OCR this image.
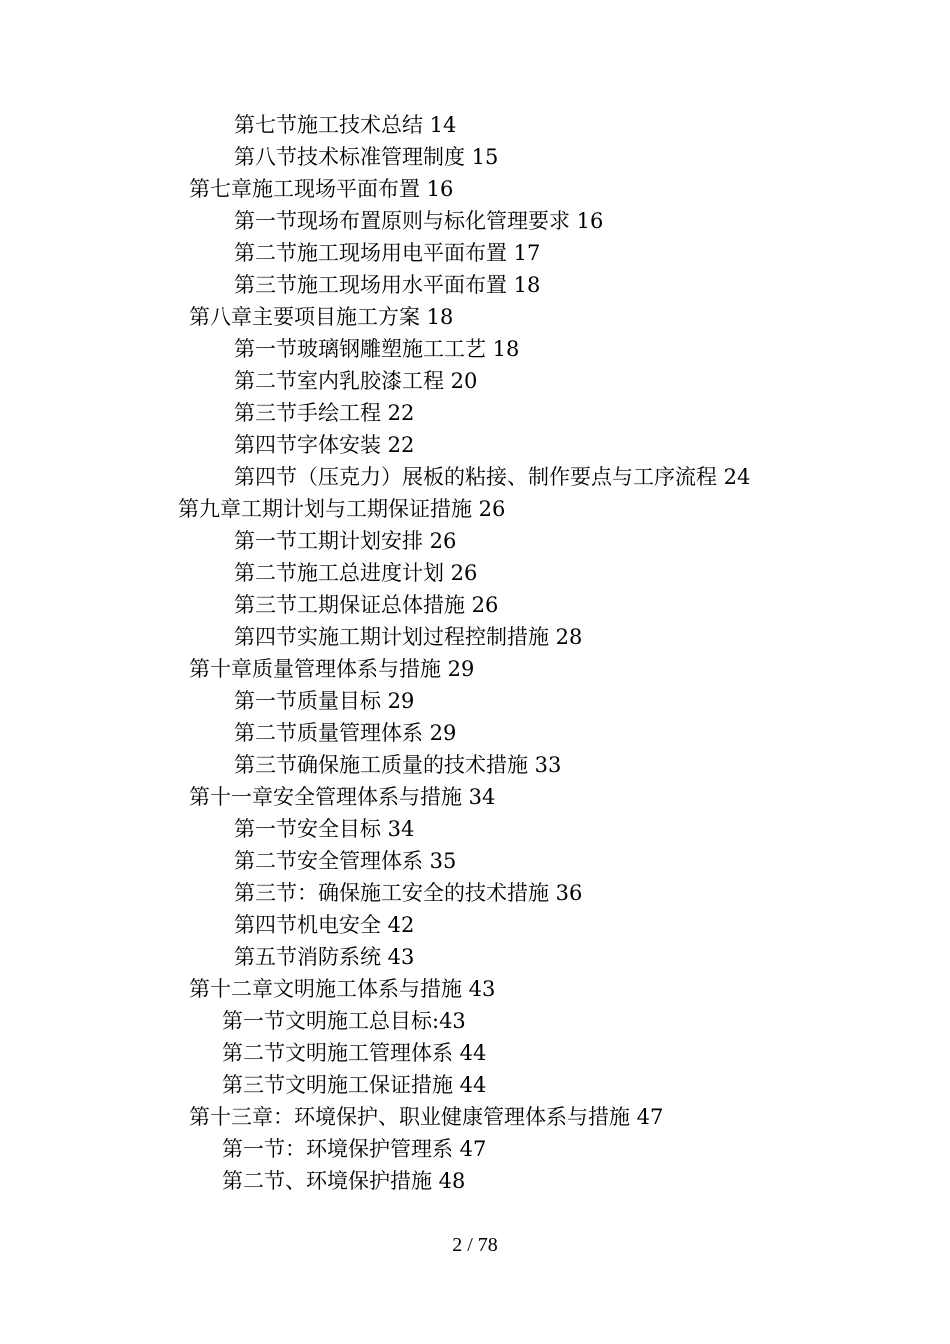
第七节施工技术总结 14
第八节技术标准管理制度 15
第七章施工现场平面布置 16
第一节现场布置原则与标化管理要求 16
第二节施工现场用电平面布置 17
第三节施工现场用水平面布置 18
第八章主要项目施工方案 18
第一节玻璃钢雕塑施工工艺 18
第二节室内乳胶漆工程 20
第三节手绘工程 22
第四节字体安装 22
第四节（压克力）展板的粘接、制作要点与工序流程 24
第九章工期计划与工期保证措施 26
第一节工期计划安排 26
第二节施工总进度计划 26
第三节工期保证总体措施 26
第四节实施工期计划过程控制措施 28
第十章质量管理体系与措施 29
第一节质量目标 29
第二节质量管理体系 29
第三节确保施工质量的技术措施 33
第十一章安全管理体系与措施 34
第一节安全目标 34
第二节安全管理体系 35
第三节：确保施工安全的技术措施 36
第四节机电安全 42
第五节消防系统 43
第十二章文明施工体系与措施 43
第一节文明施工总目标:43
第二节文明施工管理体系 44
第三节文明施工保证措施 44
第十三章：环境保护、职业健康管理体系与措施 47
第一节：环境保护管理系 47
第二节、环境保护措施 48
2 / 78
